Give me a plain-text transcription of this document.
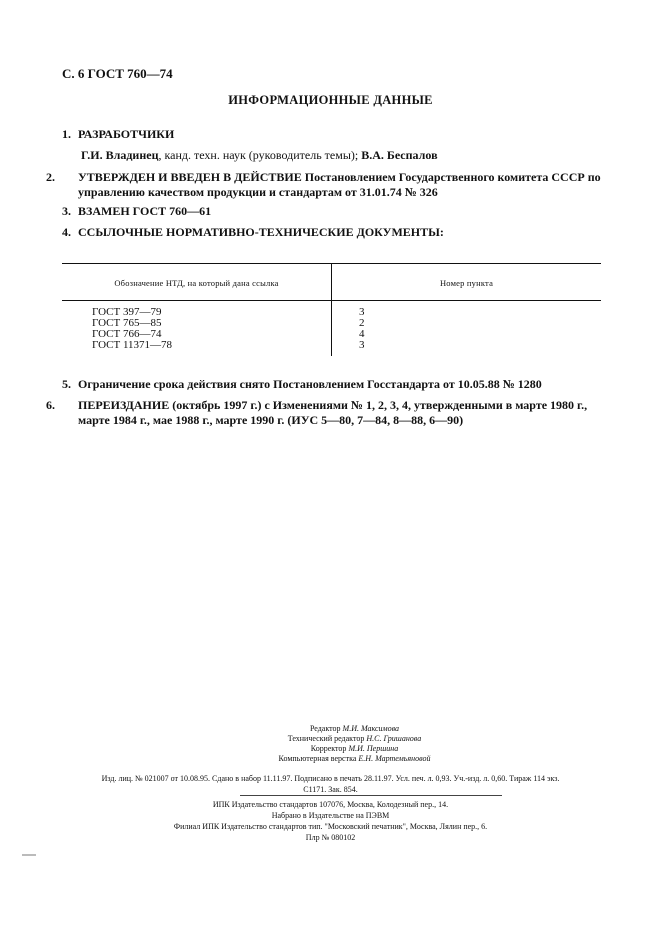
С. 6 ГОСТ 760—74
ИНФОРМАЦИОННЫЕ ДАННЫЕ
1. РАЗРАБОТЧИКИ
Г.И. Владинец, канд. техн. наук (руководитель темы); В.А. Беспалов
2. УТВЕРЖДЕН И ВВЕДЕН В ДЕЙСТВИЕ Постановлением Государственного комитета СССР по управлению качеством продукции и стандартам от 31.01.74 № 326
3. ВЗАМЕН ГОСТ 760—61
4. ССЫЛОЧНЫЕ НОРМАТИВНО-ТЕХНИЧЕСКИЕ ДОКУМЕНТЫ:
Обозначение НТД, на который дана ссылка	Номер пункта
ГОСТ 397—79	3
ГОСТ 765—85	2
ГОСТ 766—74	4
ГОСТ 11371—78	3
5. Ограничение срока действия снято Постановлением Госстандарта от 10.05.88 № 1280
6. ПЕРЕИЗДАНИЕ (октябрь 1997 г.) с Изменениями № 1, 2, 3, 4, утвержденными в марте 1980 г., марте 1984 г., мае 1988 г., марте 1990 г. (ИУС 5—80, 7—84, 8—88, 6—90)
Редактор М.И. Максимова
Технический редактор Н.С. Гришанова
Корректор М.И. Першина
Компьютерная верстка Е.Н. Мартемьяновой
Изд. лиц. № 021007 от 10.08.95. Сдано в набор 11.11.97. Подписано в печать 28.11.97. Усл. печ. л. 0,93. Уч.-изд. л. 0,60. Тираж 114 экз.
С1171. Зак. 854.
ИПК Издательство стандартов 107076, Москва, Колодезный пер., 14.
Набрано в Издательстве на ПЭВМ
Филиал ИПК Издательство стандартов тип. "Московский печатник", Москва, Лялин пер., 6.
Плр № 080102
